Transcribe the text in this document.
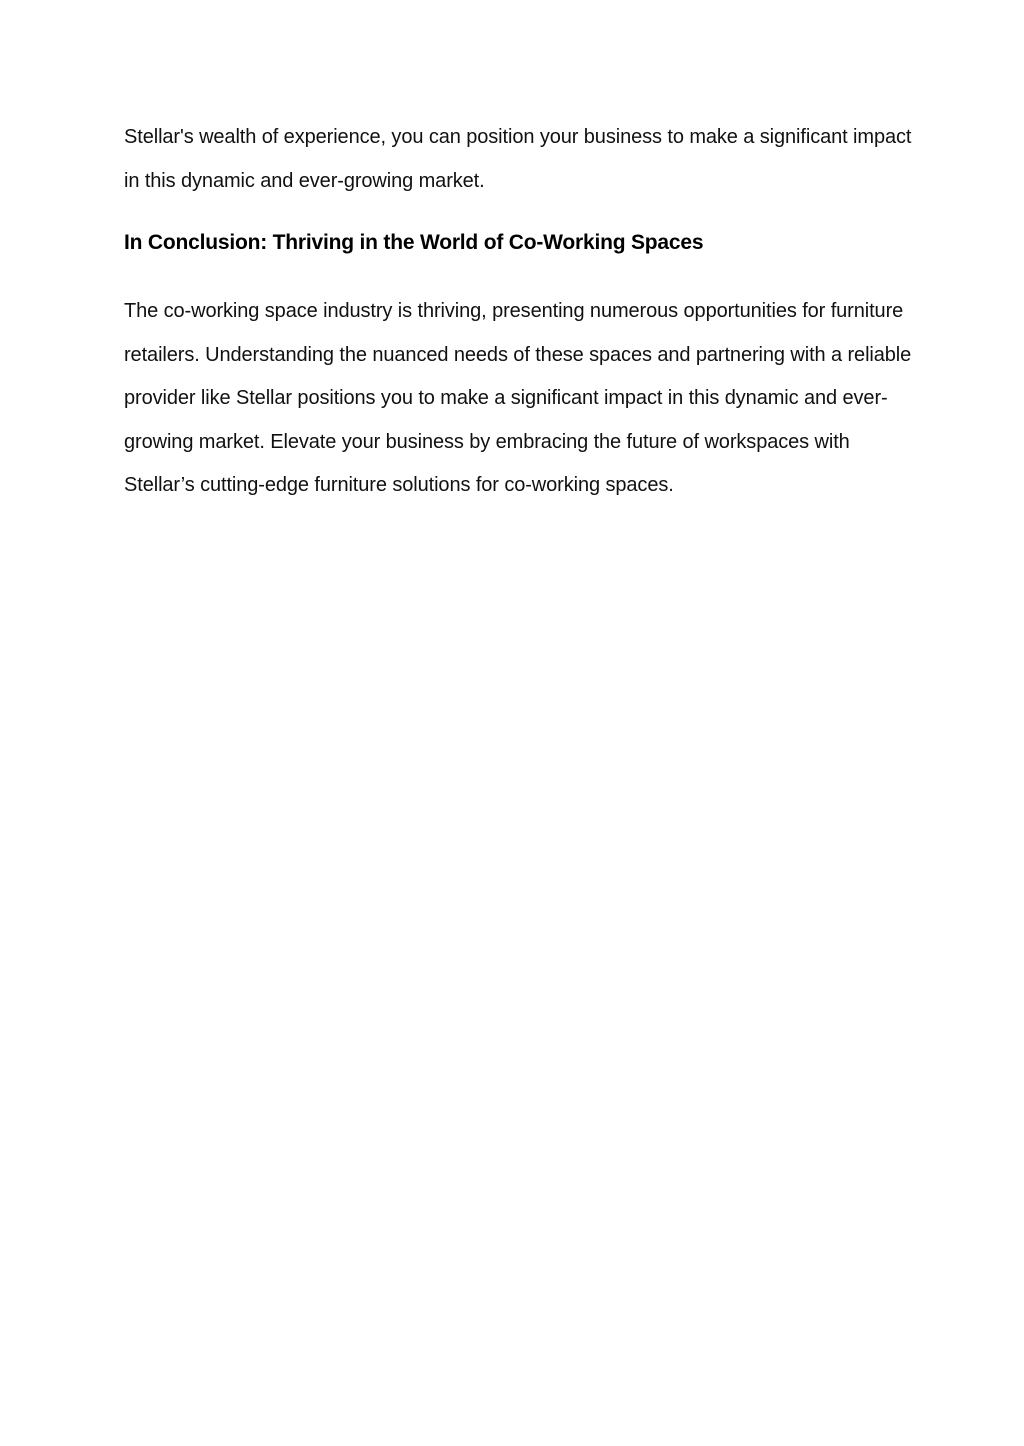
Stellar's wealth of experience, you can position your business to make a significant impact in this dynamic and ever-growing market.

In Conclusion: Thriving in the World of Co-Working Spaces

The co-working space industry is thriving, presenting numerous opportunities for furniture retailers. Understanding the nuanced needs of these spaces and partnering with a reliable provider like Stellar positions you to make a significant impact in this dynamic and ever-growing market. Elevate your business by embracing the future of workspaces with Stellar’s cutting-edge furniture solutions for co-working spaces.
